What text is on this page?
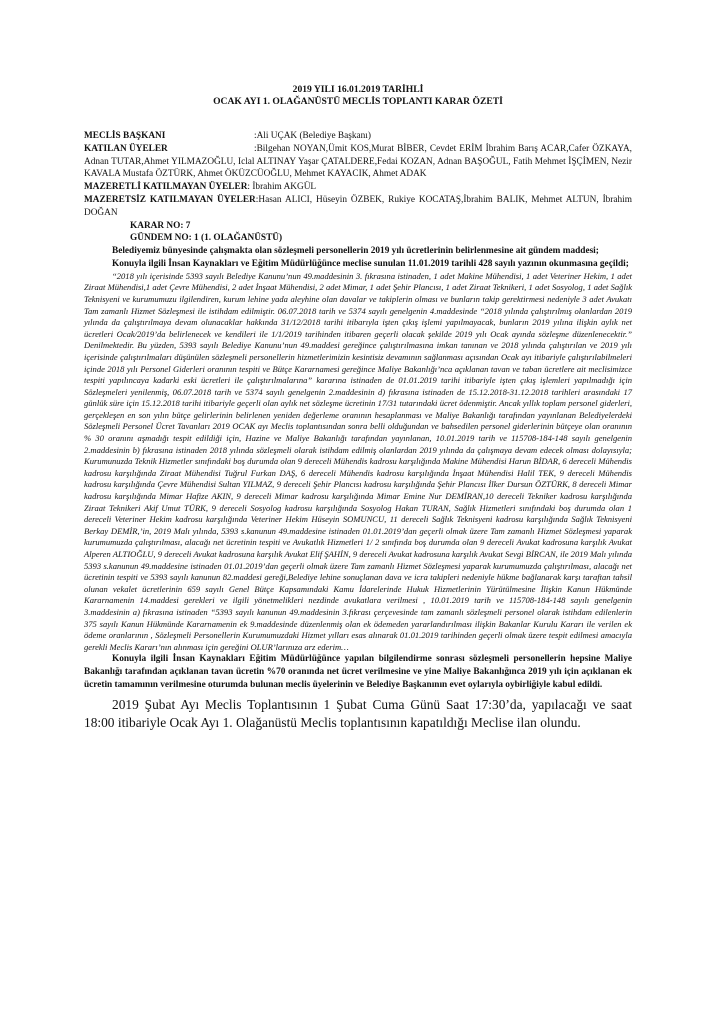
2019 YILI 16.01.2019 TARİHLİ
OCAK AYI 1. OLAĞANÜSTÜ MECLİS TOPLANTI KARAR ÖZETİ

MECLİS BAŞKANI	:Ali UÇAK (Belediye Başkanı)

KATILAN ÜYELER	:Bilgehan NOYAN,Ümit KOS,Murat BİBER, Cevdet ERİM İbrahim Barış ACAR,Cafer ÖZKAYA, Adnan TUTAR,Ahmet YILMAZOĞLU, Iclal ALTINAY Yaşar ÇATALDERE,Fedai KOZAN, Adnan BAŞOĞUL, Fatih Mehmet İŞÇİMEN, Nezir KAVALA Mustafa ÖZTÜRK, Ahmet ÖKÜZCÜOĞLU, Mehmet KAYACIK, Ahmet ADAK

MAZERETLİ KATILMAYAN ÜYELER: İbrahim AKGÜL

MAZERETSİZ KATILMAYAN ÜYELER:Hasan ALICI, Hüseyin ÖZBEK, Rukiye KOCATAŞ,İbrahim BALIK, Mehmet ALTUN, İbrahim DOĞAN

KARAR NO: 7

GÜNDEM NO: 1 (1. OLAĞANÜSTÜ)

Belediyemiz bünyesinde çalışmakta olan sözleşmeli personellerin 2019 yılı ücretlerinin belirlenmesine ait gündem maddesi;

Konuyla ilgili İnsan Kaynakları ve Eğitim Müdürlüğünce meclise sunulan 11.01.2019 tarihli 428 sayılı yazının okunmasına geçildi;

“2018 yılı içerisinde 5393 sayılı Belediye Kanunu’nun 49.maddesinin 3. fıkrasına istinaden, 1 adet Makine Mühendisi, 1 adet Veteriner Hekim, 1 adet Ziraat Mühendisi,1 adet Çevre Mühendisi, 2 adet İnşaat Mühendisi, 2 adet Mimar, 1 adet Şehir Plancısı, 1 adet Ziraat Teknikeri, 1 adet Sosyolog, 1 adet Sağlık Teknisyeni ve kurumumuzu ilgilendiren, kurum lehine yada aleyhine olan davalar ve takiplerin olması ve bunların takip gerektirmesi nedeniyle 3 adet Avukatı Tam zamanlı Hizmet Sözleşmesi ile istihdam edilmiştir. 06.07.2018 tarih ve 5374 sayılı genelgenin 4.maddesinde “2018 yılında çalıştırılmış olanlardan 2019 yılında da çalıştırılmaya devam olunacaklar hakkında 31/12/2018 tarihi itibarıyla işten çıkış işlemi yapılmayacak, bunların 2019 yılına ilişkin aylık net ücretleri Ocak/2019’da belirlenecek ve kendileri ile 1/1/2019 tarihinden itibaren geçerli olacak şekilde 2019 yılı Ocak ayında sözleşme düzenlenecektir.” Denilmektedir. Bu yüzden, 5393 sayılı Belediye Kanunu’nun 49.maddesi gereğince çalıştırılmasına imkan tanınan ve 2018 yılında çalıştırılan ve 2019 yılı içerisinde çalıştırılmaları düşünülen sözleşmeli personellerin hizmetlerimizin kesintisiz devamının sağlanması açısından Ocak ayı itibariyle çalıştırılabilmeleri içinde 2018 yılı Personel Giderleri oranının tespiti ve Bütçe Kararnamesi gereğince Maliye Bakanlığı’nca açıklanan tavan ve taban ücretlere ait meclisimizce tespiti yapılıncaya kadarki eski ücretleri ile çalıştırılmalarına” kararına istinaden de 01.01.2019 tarihi itibariyle işten çıkış işlemleri yapılmadığı için Sözleşmeleri yenilenmiş, 06.07.2018 tarih ve 5374 sayılı genelgenin 2.maddesinin d) fıkrasına istinaden de 15.12.2018-31.12.2018 tarihleri arasındaki 17 günlük süre için 15.12.2018 tarihi itibariyle geçerli olan aylık net sözleşme ücretinin 17/31 tutarındaki ücret ödenmiştir. Ancak yıllık toplam personel giderleri, gerçekleşen en son yılın bütçe gelirlerinin belirlenen yeniden değerleme oranının hesaplanması ve Maliye Bakanlığı tarafından yayınlanan Belediyelerdeki Sözleşmeli Personel Ücret Tavanları 2019 OCAK ayı Meclis toplantısından sonra belli olduğundan ve bahsedilen personel giderlerinin bütçeye olan oranının % 30 oranını aşmadığı tespit edildiği için, Hazine ve Maliye Bakanlığı tarafından yayınlanan, 10.01.2019 tarih ve 115708-184-148 sayılı genelgenin 2.maddesinin b) fıkrasına istinaden 2018 yılında sözleşmeli olarak istihdam edilmiş olanlardan 2019 yılında da çalışmaya devam edecek olması dolayısıyla; Kurumunuzda Teknik Hizmetler sınıfındaki boş durumda olan 9 dereceli Mühendis kadrosu karşılığında Makine Mühendisi Harun BİDAR, 6 dereceli Mühendis kadrosu karşılığında Ziraat Mühendisi Tuğrul Furkan DAŞ, 6 dereceli Mühendis kadrosu karşılığında İnşaat Mühendisi Halil TEK, 9 dereceli Mühendis kadrosu karşılığında Çevre Mühendisi Sultan YILMAZ, 9 dereceli Şehir Plancısı kadrosu karşılığında Şehir Plancısı İlker Dursun ÖZTÜRK, 8 dereceli Mimar kadrosu karşılığında Mimar Hafize AKIN, 9 dereceli Mimar kadrosu karşılığında Mimar Emine Nur DEMİRAN,10 dereceli Tekniker kadrosu karşılığında Ziraat Teknikeri Akif Umut TÜRK, 9 dereceli Sosyolog kadrosu karşılığında Sosyolog Hakan TURAN, Sağlık Hizmetleri sınıfındaki boş durumda olan 1 dereceli Veteriner Hekim kadrosu karşılığında Veteriner Hekim Hüseyin SOMUNCU, 11 dereceli Sağlık Teknisyeni kadrosu karşılığında Sağlık Teknisyeni Berkay DEMİR,’in, 2019 Malı yılında, 5393 s.kanunun 49.maddesine istinaden 01.01.2019’dan geçerli olmak üzere Tam zamanlı Hizmet Sözleşmesi yaparak kurumumuzda çalıştırılması, alacağı net ücretinin tespiti ve Avukatlık Hizmetleri 1/ 2 sınıfında boş durumda olan 9 dereceli Avukat kadrosuna karşılık Avukat Alperen ALTIOĞLU, 9 dereceli Avukat kadrosuna karşılık Avukat Elif ŞAHİN, 9 dereceli Avukat kadrosuna karşılık Avukat Sevgi BİRCAN, ile 2019 Malı yılında 5393 s.kanunun 49.maddesine istinaden 01.01.2019’dan geçerli olmak üzere Tam zamanlı Hizmet Sözleşmesi yaparak kurumumuzda çalıştırılması, alacağı net ücretinin tespiti ve 5393 sayılı kanunun 82.maddesi gereği,Belediye lehine sonuçlanan dava ve icra takipleri nedeniyle hükme bağlanarak karşı taraftan tahsil olunan vekalet ücretlerinin 659 sayılı Genel Bütçe Kapsamındaki Kamu İdarelerinde Hukuk Hizmetlerinin Yürütülmesine İlişkin Kanun Hükmünde Kararnamenin 14.maddesi gerekleri ve ilgili yönetmelikleri nezdinde avukatlara verilmesi , 10.01.2019 tarih ve 115708-184-148 sayılı genelgenin 3.maddesinin a) fıkrasına istinaden “5393 sayılı kanunun 49.maddesinin 3.fıkrası çerçevesinde tam zamanlı sözleşmeli personel olarak istihdam edilenlerin 375 sayılı Kanun Hükmünde Kararnamenin ek 9.maddesinde düzenlenmiş olan ek ödemeden yararlandırılması ilişkin Bakanlar Kurulu Kararı ile verilen ek ödeme oranlarının , Sözleşmeli Personellerin Kurumumuzdaki Hizmet yılları esas alınarak 01.01.2019 tarihinden geçerli olmak üzere tespit edilmesi amacıyla gerekli Meclis Kararı’nın alınması için gereğini OLUR’larınıza arz ederim…

Konuyla ilgili İnsan Kaynakları Eğitim Müdürlüğünce yapılan bilgilendirme sonrası sözleşmeli personellerin hepsine Maliye Bakanlığı tarafından açıklanan tavan ücretin %70 oranında net ücret verilmesine ve yine Maliye Bakanlığınca 2019 yılı için açıklanan ek ücretin tamamının verilmesine oturumda bulunan meclis üyelerinin ve Belediye Başkanının evet oylarıyla oybirliğiyle kabul edildi.

2019 Şubat Ayı Meclis Toplantısının 1 Şubat Cuma Günü Saat 17:30’da, yapılacağı ve saat 18:00 itibariyle Ocak Ayı 1. Olağanüstü Meclis toplantısının kapatıldığı Meclise ilan olundu.
